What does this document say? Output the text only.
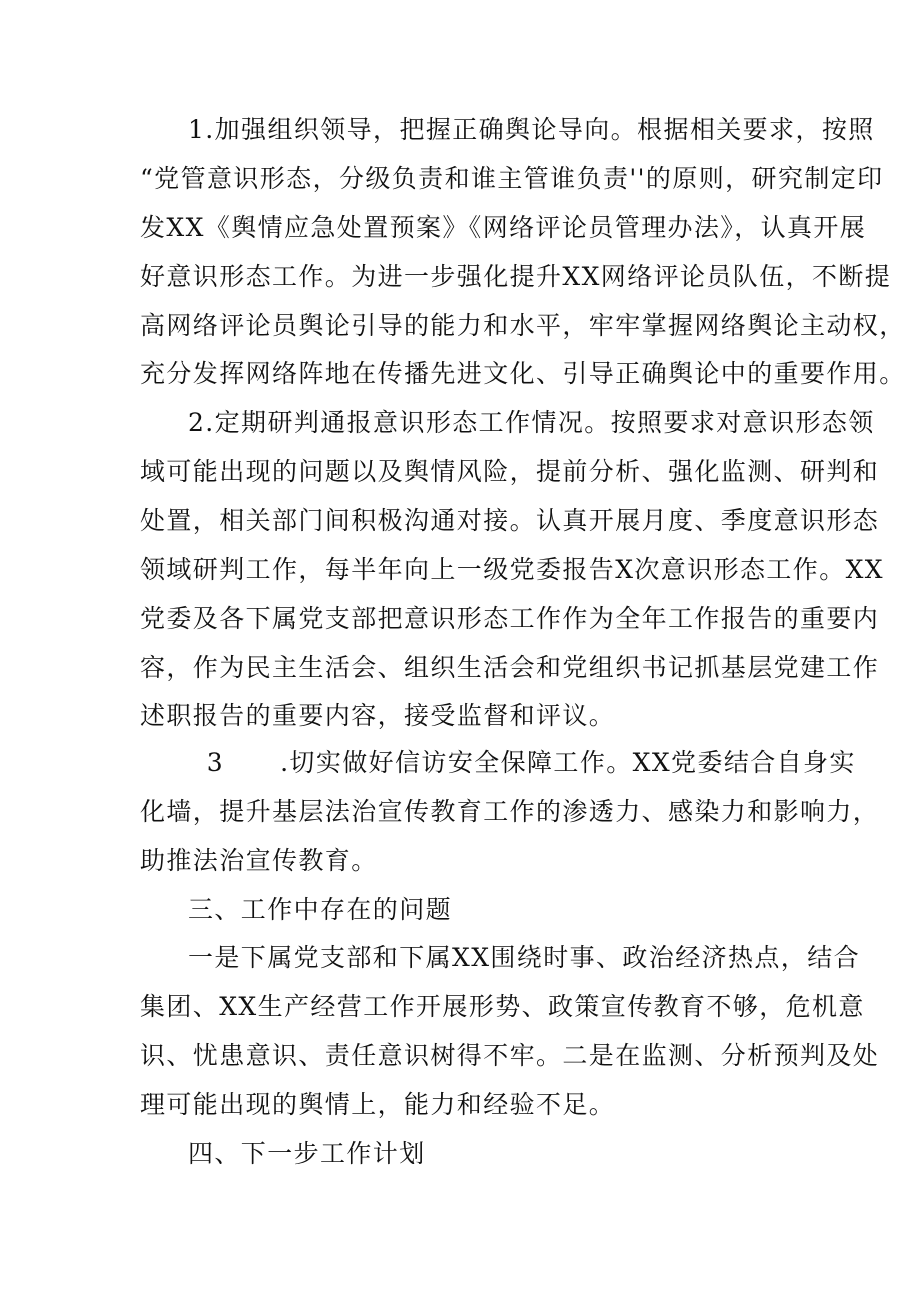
1.加强组织领导，把握正确舆论导向。根据相关要求，按照
“党管意识形态，分级负责和谁主管谁负责''的原则，研究制定印
发XX《舆情应急处置预案》《网络评论员管理办法》，认真开展
好意识形态工作。为进一步强化提升XX网络评论员队伍，不断提
高网络评论员舆论引导的能力和水平，牢牢掌握网络舆论主动权，
充分发挥网络阵地在传播先进文化、引导正确舆论中的重要作用。
2.定期研判通报意识形态工作情况。按照要求对意识形态领
域可能出现的问题以及舆情风险，提前分析、强化监测、研判和
处置，相关部门间积极沟通对接。认真开展月度、季度意识形态
领域研判工作，每半年向上一级党委报告X次意识形态工作。XX
党委及各下属党支部把意识形态工作作为全年工作报告的重要内
容，作为民主生活会、组织生活会和党组织书记抓基层党建工作
述职报告的重要内容，接受监督和评议。
3      .切实做好信访安全保障工作。XX党委结合自身实
化墙，提升基层法治宣传教育工作的渗透力、感染力和影响力，
助推法治宣传教育。
三、工作中存在的问题
一是下属党支部和下属XX围绕时事、政治经济热点，结合
集团、XX生产经营工作开展形势、政策宣传教育不够，危机意
识、忧患意识、责任意识树得不牢。二是在监测、分析预判及处
理可能出现的舆情上，能力和经验不足。
四、下一步工作计划
